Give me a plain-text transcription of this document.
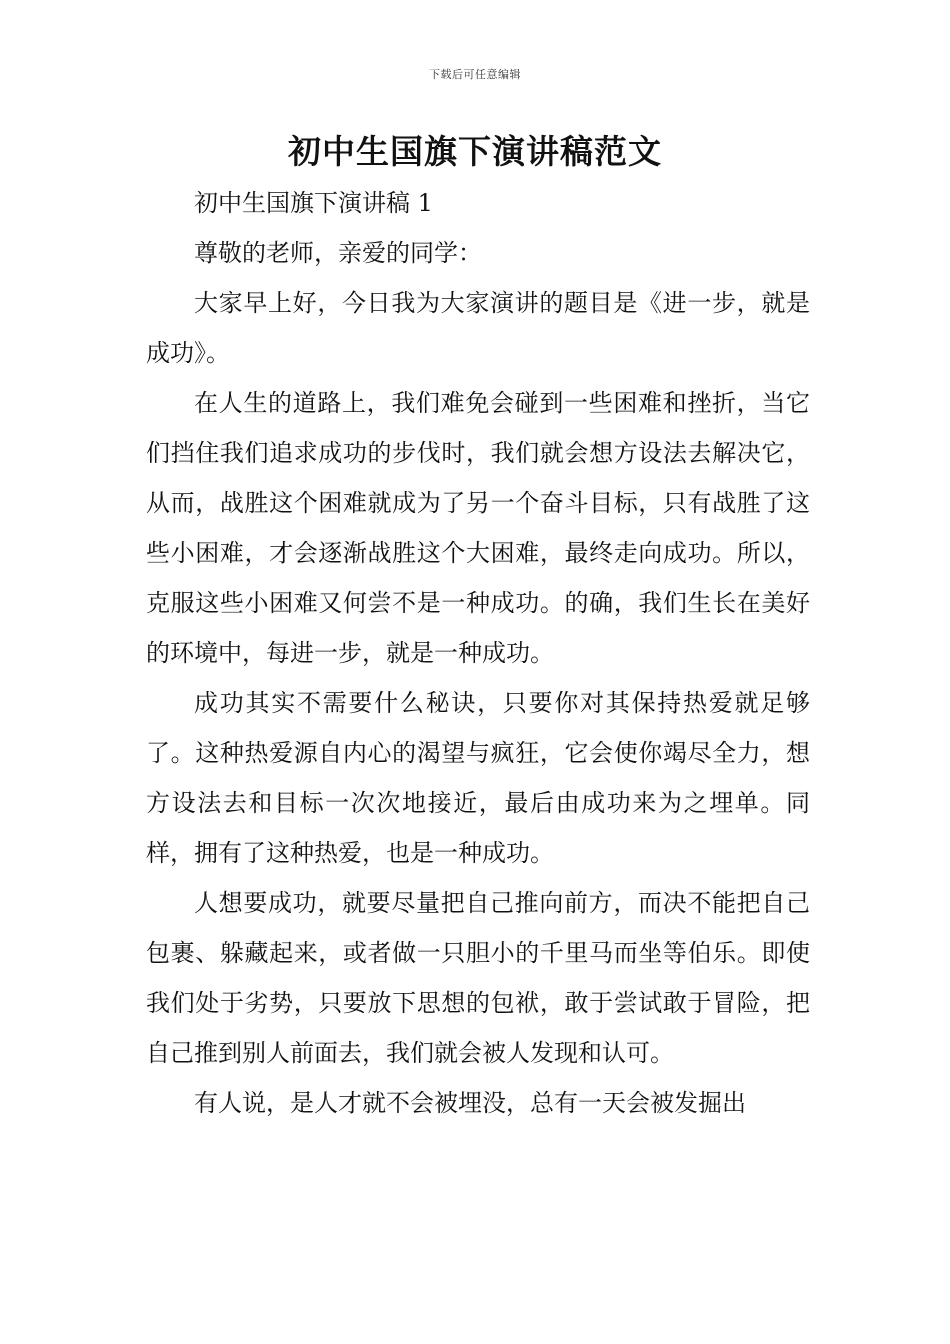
下载后可任意编辑
初中生国旗下演讲稿范文

初中生国旗下演讲稿 1

尊敬的老师，亲爱的同学：

大家早上好，今日我为大家演讲的题目是《进一步，就是成功》。

在人生的道路上，我们难免会碰到一些困难和挫折，当它们挡住我们追求成功的步伐时，我们就会想方设法去解决它，从而，战胜这个困难就成为了另一个奋斗目标，只有战胜了这些小困难，才会逐渐战胜这个大困难，最终走向成功。所以，克服这些小困难又何尝不是一种成功。的确，我们生长在美好的环境中，每进一步，就是一种成功。

成功其实不需要什么秘诀，只要你对其保持热爱就足够了。这种热爱源自内心的渴望与疯狂，它会使你竭尽全力，想方设法去和目标一次次地接近，最后由成功来为之埋单。同样，拥有了这种热爱，也是一种成功。

人想要成功，就要尽量把自己推向前方，而决不能把自己包裹、躲藏起来，或者做一只胆小的千里马而坐等伯乐。即使我们处于劣势，只要放下思想的包袱，敢于尝试敢于冒险，把自己推到别人前面去，我们就会被人发现和认可。

有人说，是人才就不会被埋没，总有一天会被发掘出
